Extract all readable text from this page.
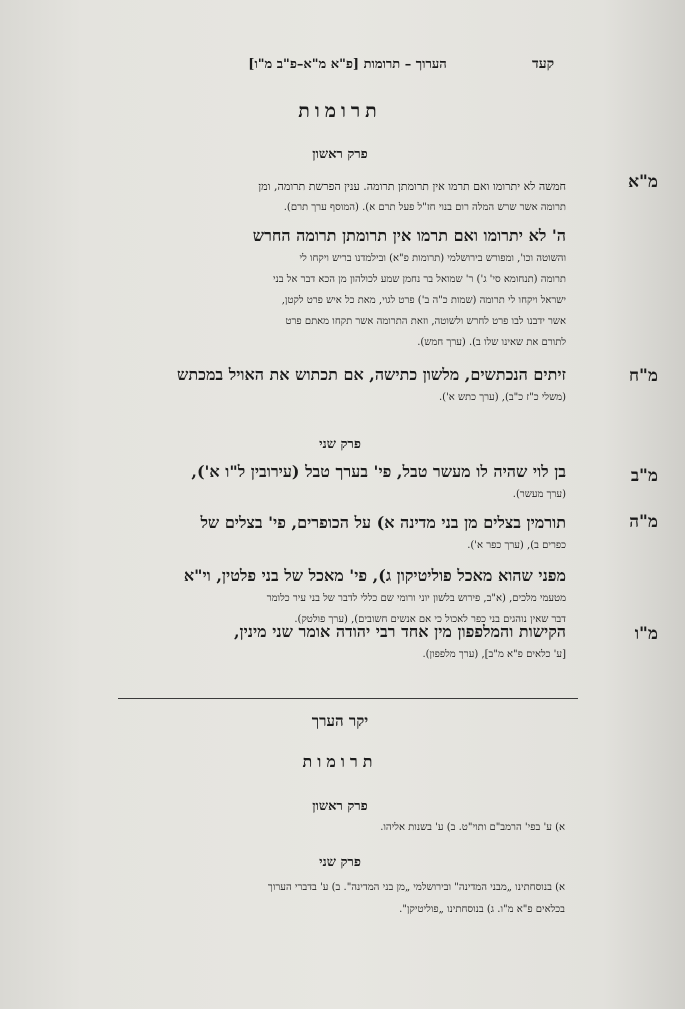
הערוך – תרומות [פ"א מ"א–פ"ב מ"ו]	קעד
תרומות
פרק ראשון
מ"א
חמשה לא יתרומו ואם תרמו אין תרומתן תרומה. ענין הפרשת תרומה, ומן
תרומה אשר שרש המלה רום בנוי חז"ל פעל תרם א). (המוסף ערך תרם).
ה' לא יתרומו ואם תרמו אין תרומתן תרומה החרש
והשוטה וכו', ומפורש בירושלמי (תרומות פ"א) ובילמדנו בריש ויקחו לי
תרומה (תנחומא סי' ג') ר' שמואל בר נחמן שמע לכולהון מן הכא דבר אל בני
ישראל ויקחו לי תרומה (שמות כ"ה ב') פרט לגוי, מאת כל איש פרט לקטן,
אשר ידבנו לבו פרט לחרש ולשוטה, וזאת התרומה אשר תקחו מאתם פרט
לתורם את שאינו שלו ב). (ערך חמש).
מ"ח
זיתים הנכתשים, מלשון כתישה, אם תכתוש את האויל במכתש
(משלי כ"ז כ"ב), (ערך כתש א').
פרק שני
מ"ב
בן לוי שהיה לו מעשר טבל, פי' בערך טבל (עירובין ל"ו א'),
(ערך מעשר).
מ"ה
תורמין בצלים מן בני מדינה א) על הכופרים, פי' בצלים של
כפרים ב), (ערך כפר א').
מפני שהוא מאכל פוליטיקון ג), פי' מאכל של בני פלטין, וי"א
מטעמי מלכים, (א"ב, פירוש בלשון יוני ורומי שם כללי לדבר של בני עיר כלומר
דבר שאין נוהגים בני כפר לאכול כי אם אנשים חשובים), (ערך פולטק).
מ"ו
הקישות והמלפפון מין אחד רבי יהודה אומר שני מינין,
[ע' כלאים פ"א מ"ב], (ערך מלפפון).
יקר הערך
תרומות
פרק ראשון
א) ע' בפי' הרמב"ם ותוי"ט. ב) ע' בשנות אליהו.
פרק שני
א) בנוסחתינו „מבני המדינה" ובירושלמי „מן בני המדינה". ב) ע' בדברי הערוך
בכלאים פ"א מ"ו. ג) בנוסחתינו „פוליטיקן".
